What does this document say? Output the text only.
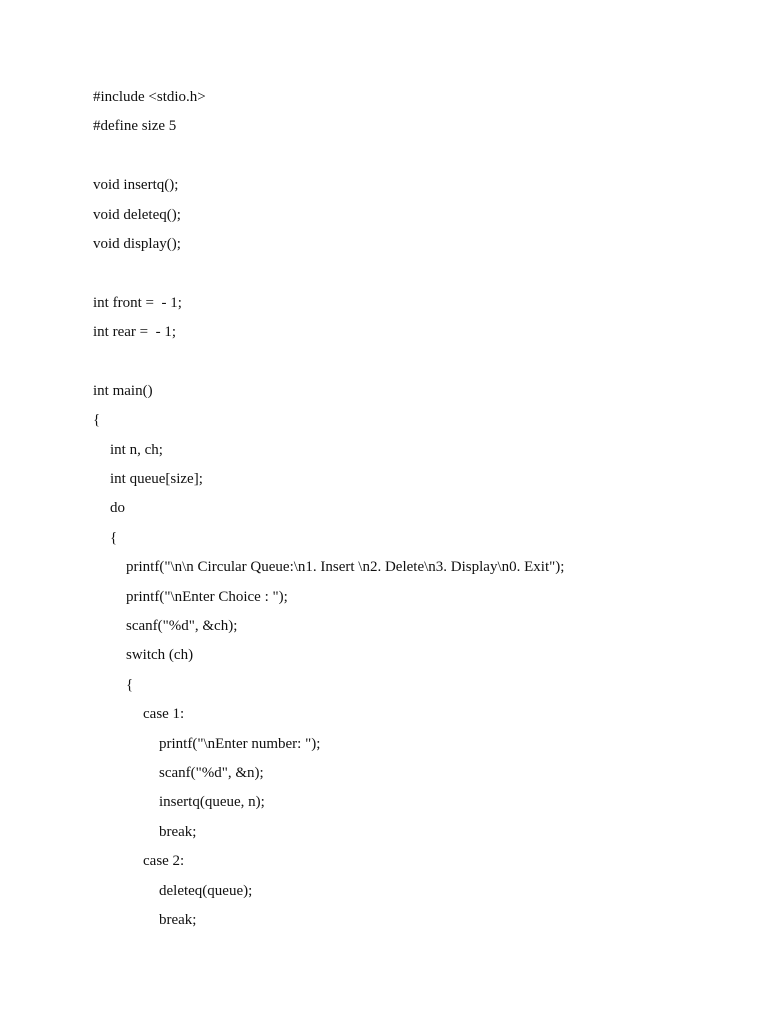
#include <stdio.h>
#define size 5
void insertq();
void deleteq();
void display();
int front =  - 1;
int rear =  - 1;
int main()
{
int n, ch;
int queue[size];
do
{
printf("\n\n Circular Queue:\n1. Insert \n2. Delete\n3. Display\n0. Exit");
printf("\nEnter Choice : ");
scanf("%d", &ch);
switch (ch)
{
case 1:
printf("\nEnter number: ");
scanf("%d", &n);
insertq(queue, n);
break;
case 2:
deleteq(queue);
break;
